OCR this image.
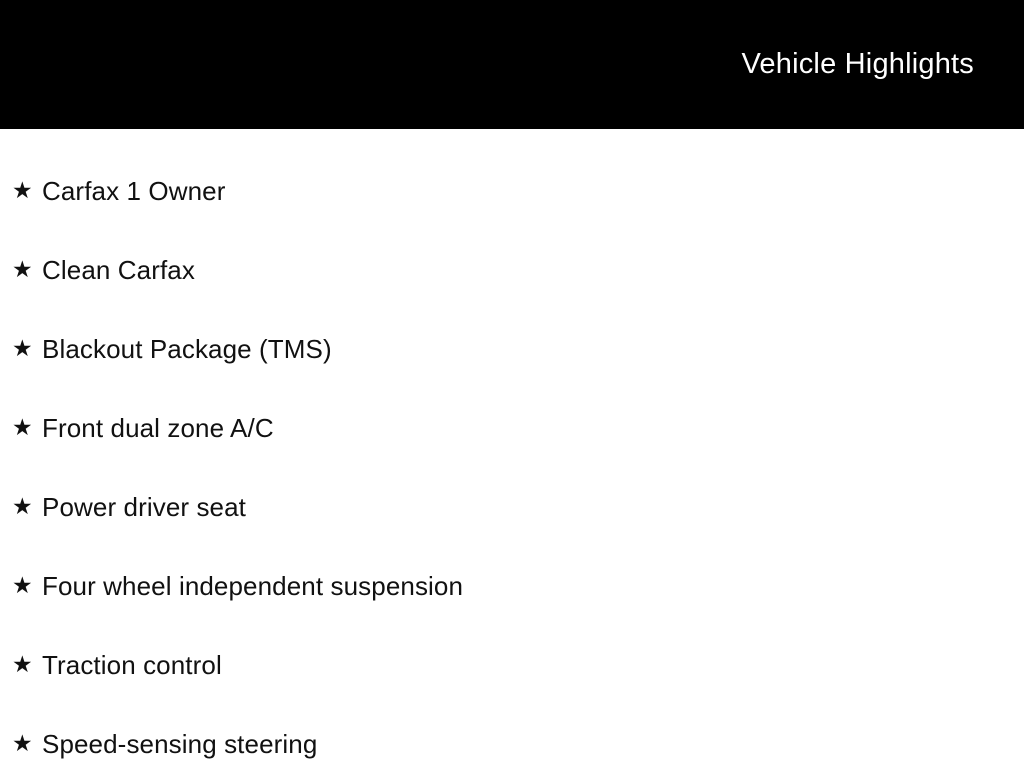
Vehicle Highlights
★ Carfax 1 Owner
★ Clean Carfax
★ Blackout Package (TMS)
★ Front dual zone A/C
★ Power driver seat
★ Four wheel independent suspension
★ Traction control
★ Speed-sensing steering
